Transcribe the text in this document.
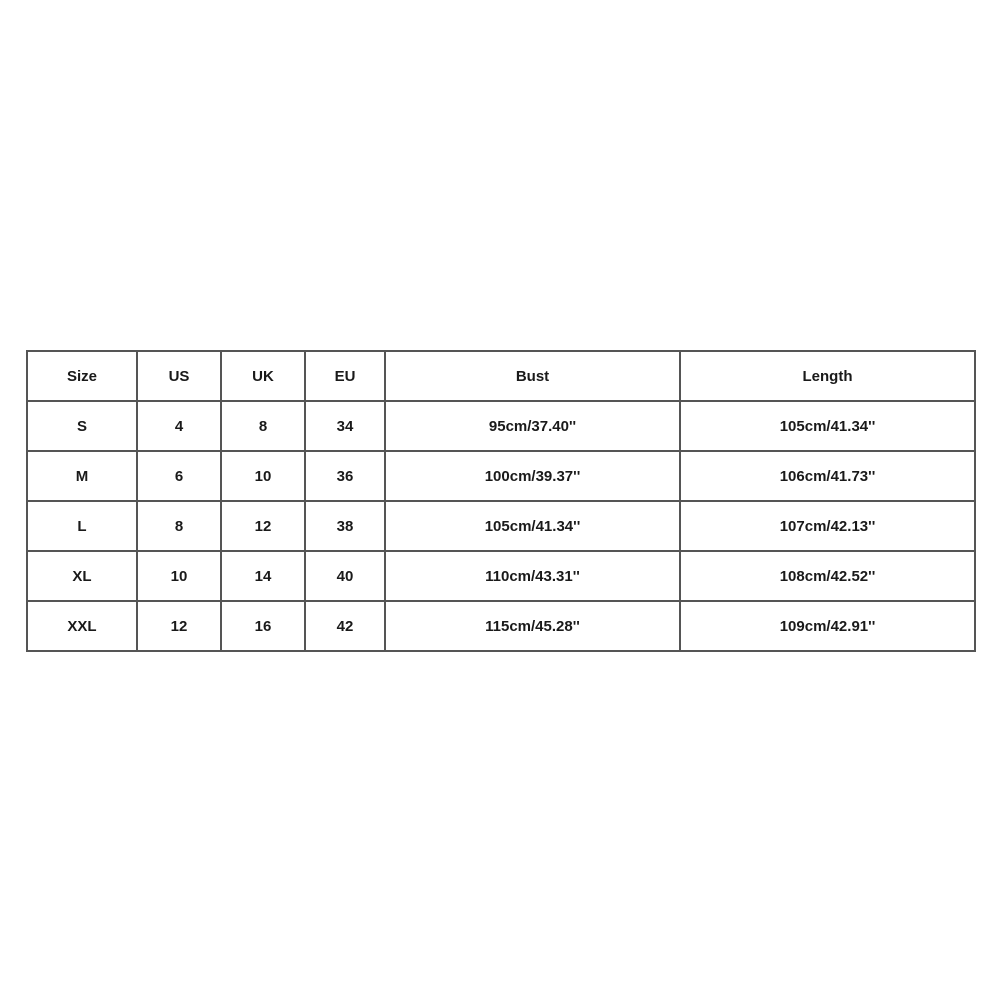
Size	US	UK	EU	Bust	Length
S	4	8	34	95cm/37.40''	105cm/41.34''
M	6	10	36	100cm/39.37''	106cm/41.73''
L	8	12	38	105cm/41.34''	107cm/42.13''
XL	10	14	40	110cm/43.31''	108cm/42.52''
XXL	12	16	42	115cm/45.28''	109cm/42.91''
